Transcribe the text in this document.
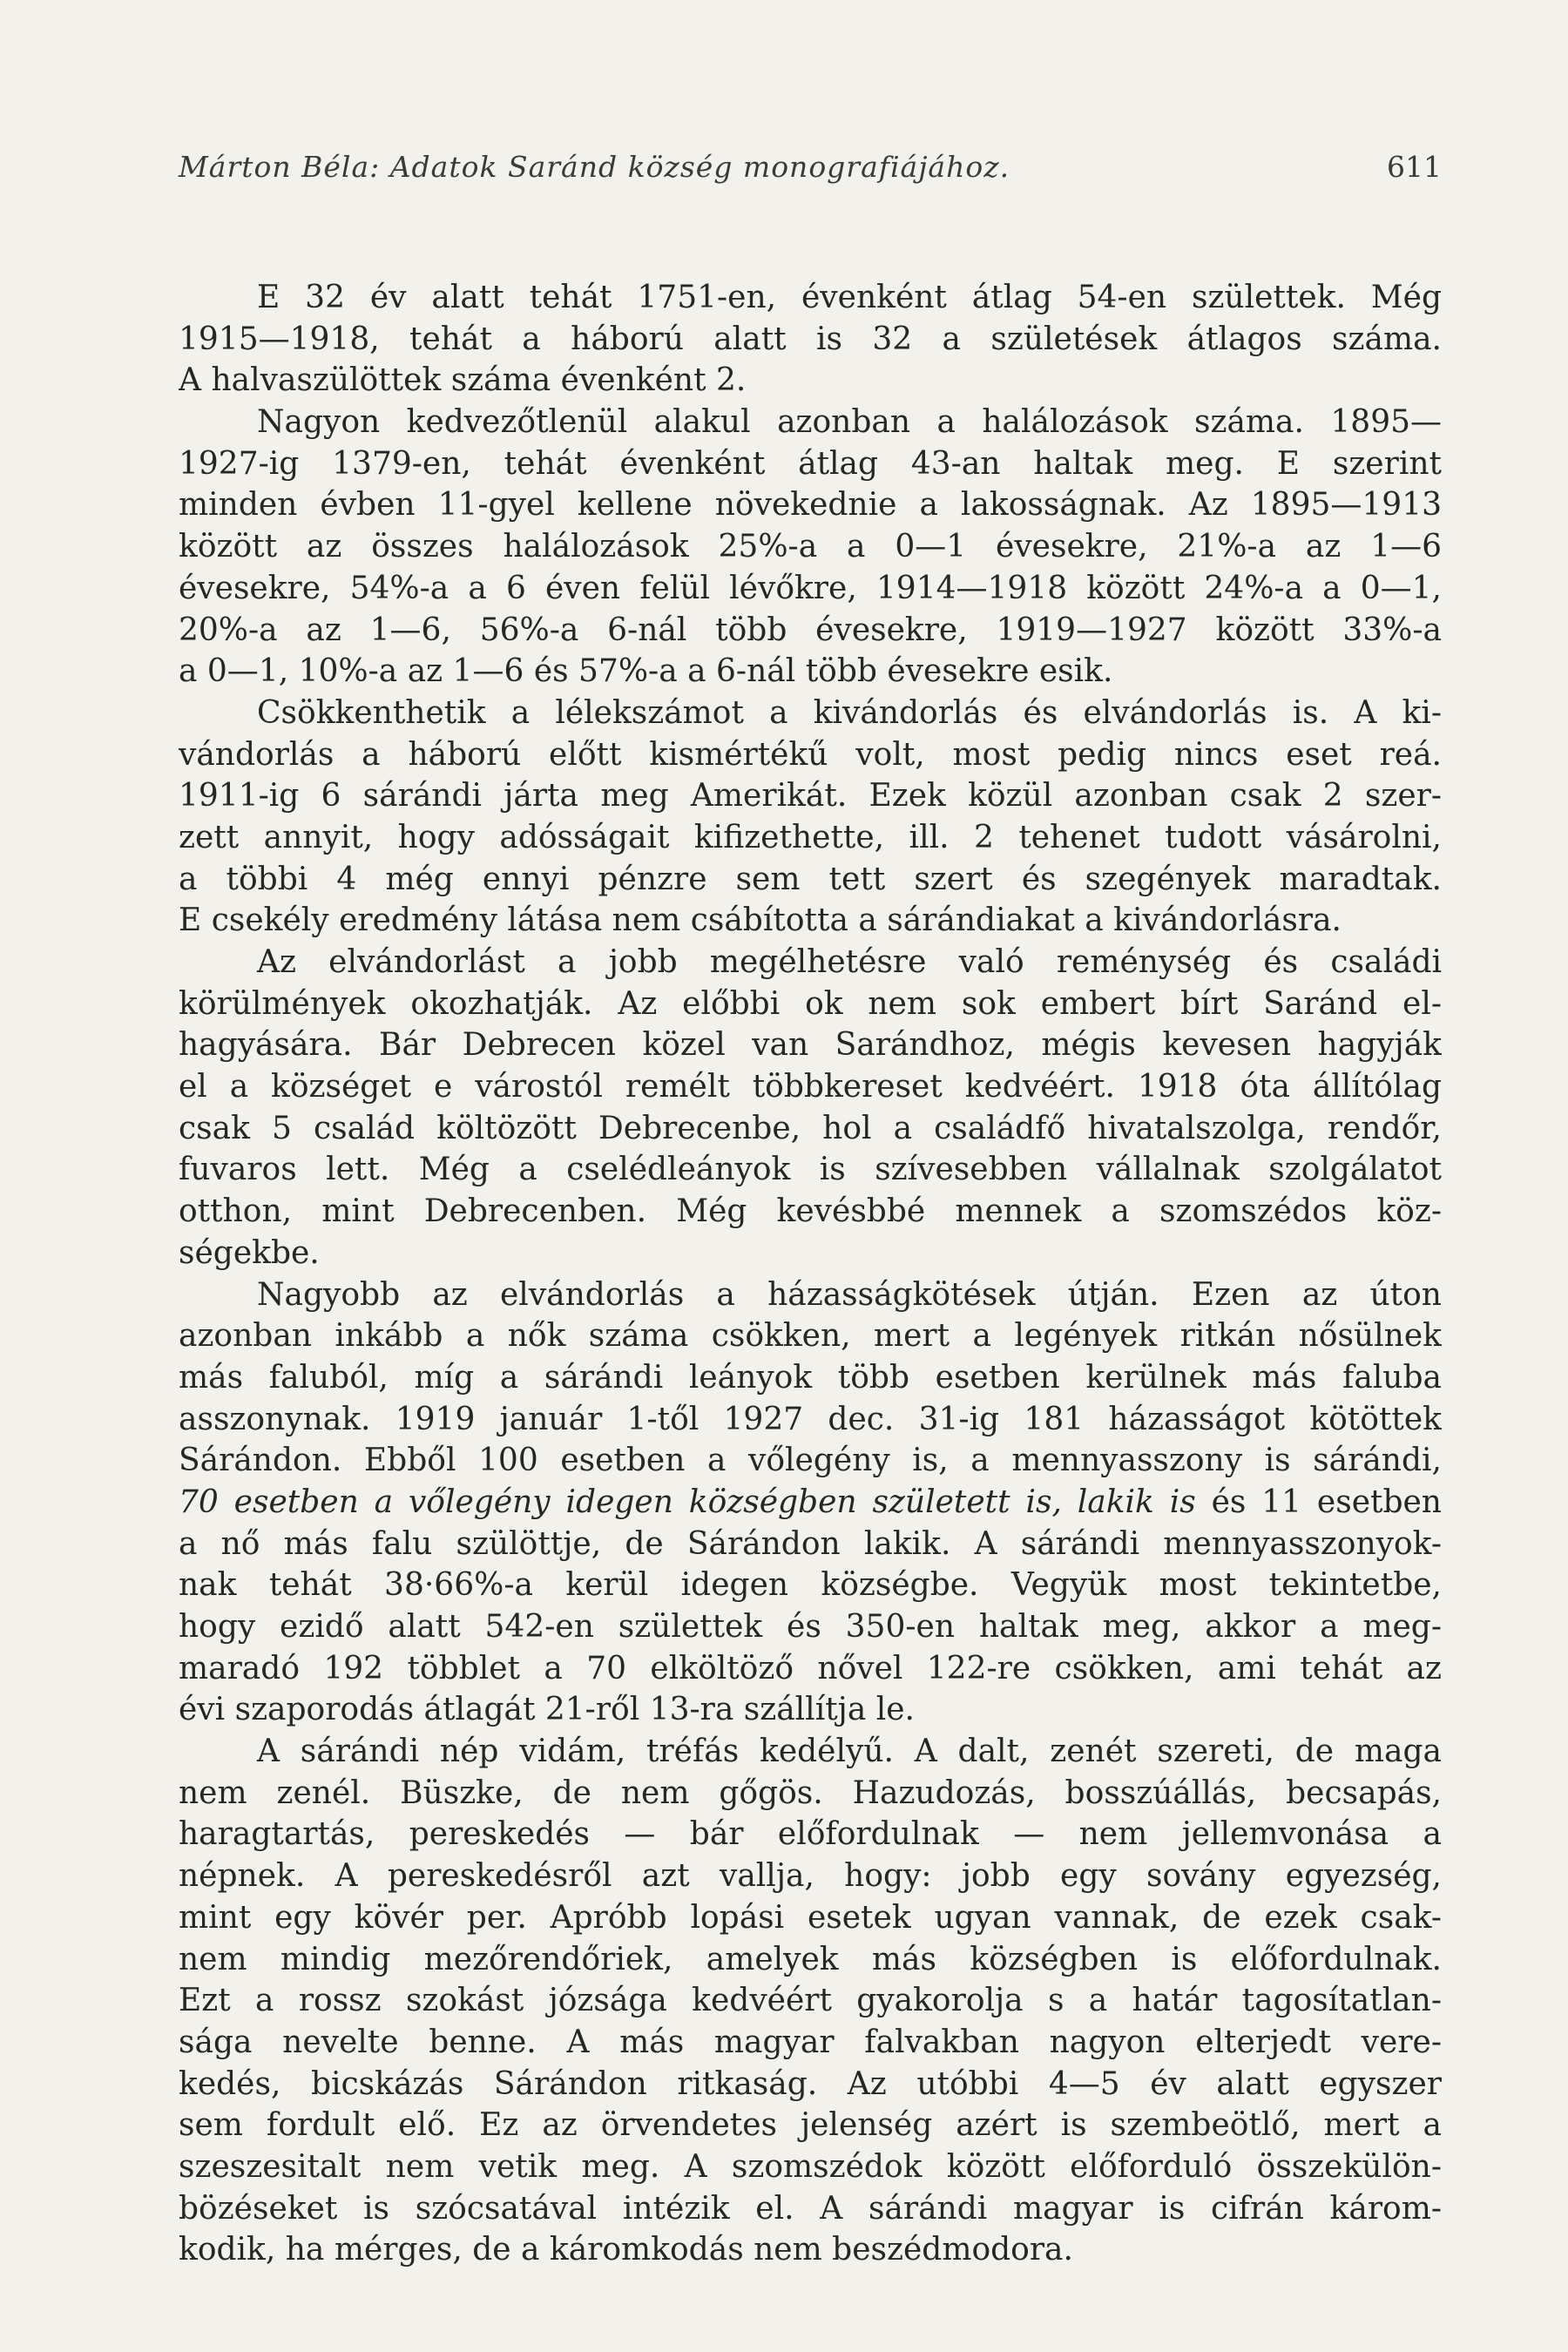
Márton Béla: Adatok Saránd község monografiájához.	611
E 32 év alatt tehát 1751-en, évenként átlag 54-en születtek. Még
1915—1918, tehát a háború alatt is 32 a születések átlagos száma.
A halvaszülöttek száma évenként 2.
Nagyon kedvezőtlenül alakul azonban a halálozások száma. 1895—
1927-ig 1379-en, tehát évenként átlag 43-an haltak meg. E szerint
minden évben 11-gyel kellene növekednie a lakosságnak. Az 1895—1913
között az összes halálozások 25%-a a 0—1 évesekre, 21%-a az 1—6
évesekre, 54%-a a 6 éven felül lévőkre, 1914—1918 között 24%-a a 0—1,
20%-a az 1—6, 56%-a 6-nál több évesekre, 1919—1927 között 33%-a
a 0—1, 10%-a az 1—6 és 57%-a a 6-nál több évesekre esik.
Csökkenthetik a lélekszámot a kivándorlás és elvándorlás is. A ki-
vándorlás a háború előtt kismértékű volt, most pedig nincs eset reá.
1911-ig 6 sárándi járta meg Amerikát. Ezek közül azonban csak 2 szer-
zett annyit, hogy adósságait kifizethette, ill. 2 tehenet tudott vásárolni,
a többi 4 még ennyi pénzre sem tett szert és szegények maradtak.
E csekély eredmény látása nem csábította a sárándiakat a kivándorlásra.
Az elvándorlást a jobb megélhetésre való reménység és családi
körülmények okozhatják. Az előbbi ok nem sok embert bírt Saránd el-
hagyására. Bár Debrecen közel van Sarándhoz, mégis kevesen hagyják
el a községet e várostól remélt többkereset kedvéért. 1918 óta állítólag
csak 5 család költözött Debrecenbe, hol a családfő hivatalszolga, rendőr,
fuvaros lett. Még a cselédleányok is szívesebben vállalnak szolgálatot
otthon, mint Debrecenben. Még kevésbbé mennek a szomszédos köz-
ségekbe.
Nagyobb az elvándorlás a házasságkötések útján. Ezen az úton
azonban inkább a nők száma csökken, mert a legények ritkán nősülnek
más faluból, míg a sárándi leányok több esetben kerülnek más faluba
asszonynak. 1919 január 1-től 1927 dec. 31-ig 181 házasságot kötöttek
Sárándon. Ebből 100 esetben a vőlegény is, a mennyasszony is sárándi,
70 esetben a vőlegény idegen községben született is, lakik is és 11 esetben
a nő más falu szülöttje, de Sárándon lakik. A sárándi mennyasszonyok-
nak tehát 38·66%-a kerül idegen községbe. Vegyük most tekintetbe,
hogy ezidő alatt 542-en születtek és 350-en haltak meg, akkor a meg-
maradó 192 többlet a 70 elköltöző nővel 122-re csökken, ami tehát az
évi szaporodás átlagát 21-ről 13-ra szállítja le.
A sárándi nép vidám, tréfás kedélyű. A dalt, zenét szereti, de maga
nem zenél. Büszke, de nem gőgös. Hazudozás, bosszúállás, becsapás,
haragtartás, pereskedés — bár előfordulnak — nem jellemvonása a
népnek. A pereskedésről azt vallja, hogy: jobb egy sovány egyezség,
mint egy kövér per. Apróbb lopási esetek ugyan vannak, de ezek csak-
nem mindig mezőrendőriek, amelyek más községben is előfordulnak.
Ezt a rossz szokást józsága kedvéért gyakorolja s a határ tagosítatlan-
sága nevelte benne. A más magyar falvakban nagyon elterjedt vere-
kedés, bicskázás Sárándon ritkaság. Az utóbbi 4—5 év alatt egyszer
sem fordult elő. Ez az örvendetes jelenség azért is szembeötlő, mert a
szeszesitalt nem vetik meg. A szomszédok között előforduló összekülön-
bözéseket is szócsatával intézik el. A sárándi magyar is cifrán károm-
kodik, ha mérges, de a káromkodás nem beszédmodora.
